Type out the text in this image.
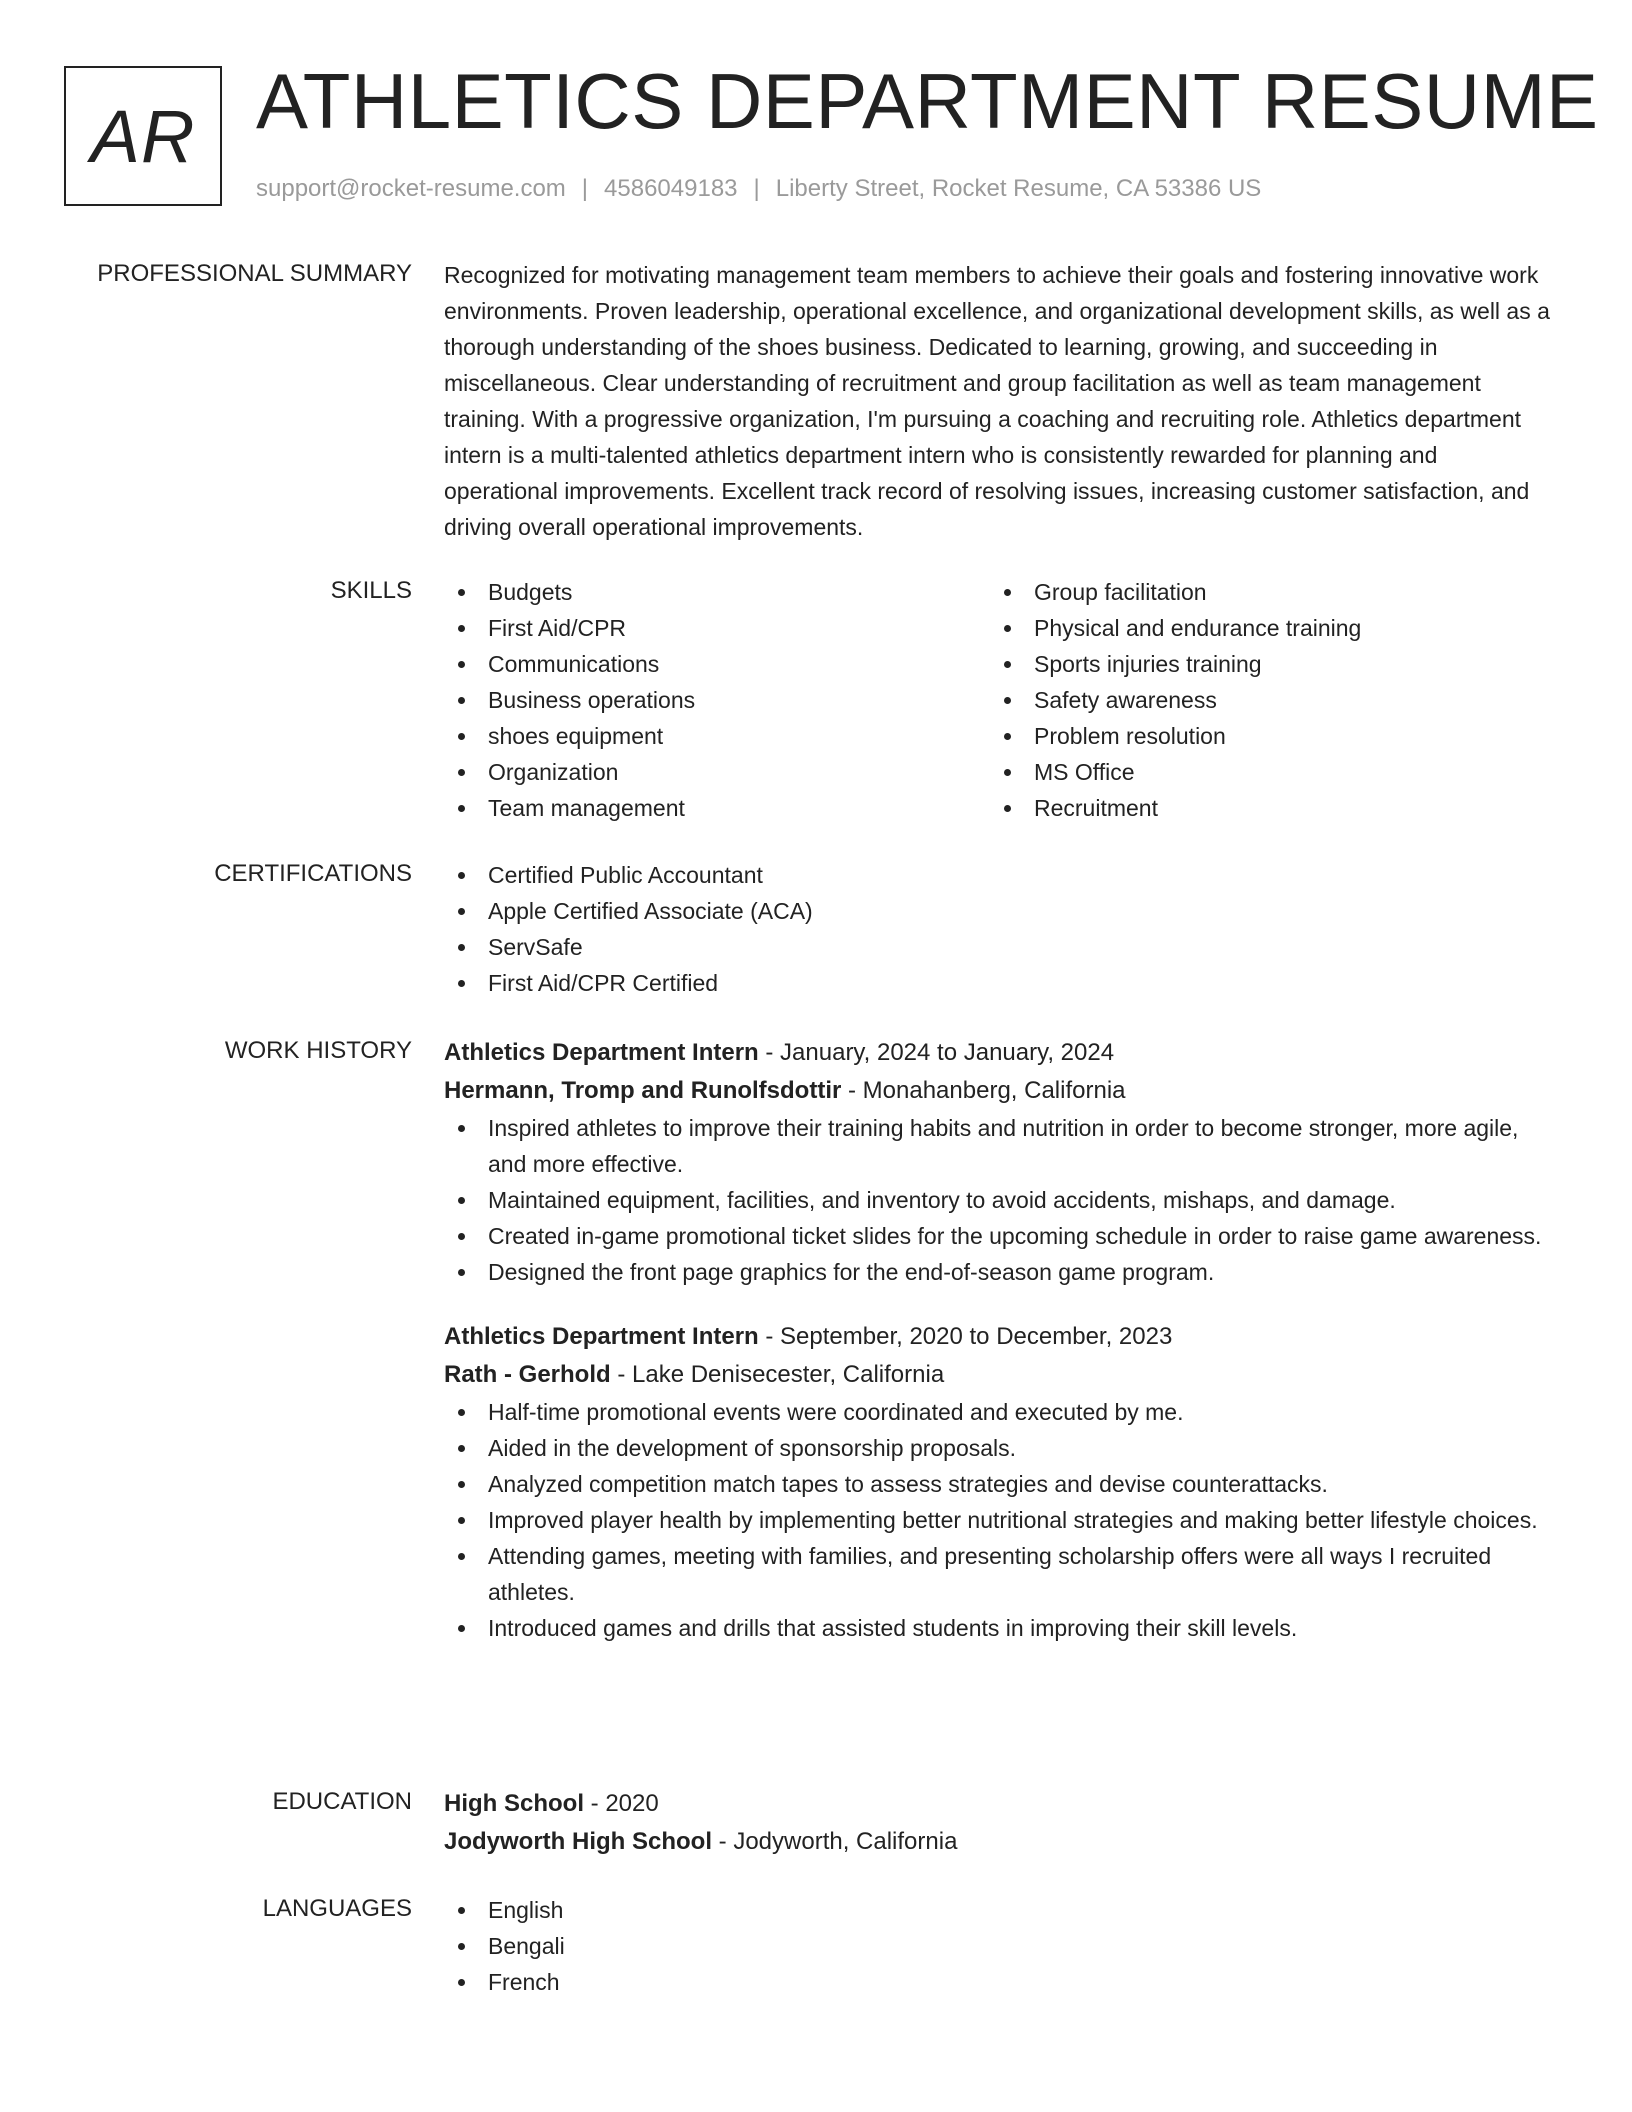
AR ATHLETICS DEPARTMENT RESUME
support@rocket-resume.com | 4586049183 | Liberty Street, Rocket Resume, CA 53386 US
PROFESSIONAL SUMMARY Recognized for motivating management team members to achieve their goals and fostering innovative work environments. Proven leadership, operational excellence, and organizational development skills, as well as a thorough understanding of the shoes business. Dedicated to learning, growing, and succeeding in miscellaneous. Clear understanding of recruitment and group facilitation as well as team management training. With a progressive organization, I'm pursuing a coaching and recruiting role. Athletics department intern is a multi-talented athletics department intern who is consistently rewarded for planning and operational improvements. Excellent track record of resolving issues, increasing customer satisfaction, and driving overall operational improvements.

SKILLS	Budgets
First Aid/CPR
Communications
Business operations
shoes equipment
Organization
Team management
Group facilitation
Physical and endurance training
Sports injuries training
Safety awareness
Problem resolution
MS Office
Recruitment
CERTIFICATIONS	Certified Public Accountant
Apple Certified Associate (ACA)
ServSafe
First Aid/CPR Certified
WORK HISTORY Athletics Department Intern - January, 2024 to January, 2024
Hermann, Tromp and Runolfsdottir - Monahanberg, California
Inspired athletes to improve their training habits and nutrition in order to become stronger, more agile, and more effective.
Maintained equipment, facilities, and inventory to avoid accidents, mishaps, and damage.
Created in-game promotional ticket slides for the upcoming schedule in order to raise game awareness.
Designed the front page graphics for the end-of-season game program.
Athletics Department Intern - September, 2020 to December, 2023
Rath - Gerhold - Lake Denisecester, California
Half-time promotional events were coordinated and executed by me.
Aided in the development of sponsorship proposals.
Analyzed competition match tapes to assess strategies and devise counterattacks.
Improved player health by implementing better nutritional strategies and making better lifestyle choices.
Attending games, meeting with families, and presenting scholarship offers were all ways I recruited athletes.
Introduced games and drills that assisted students in improving their skill levels.
EDUCATION High School - 2020
Jodyworth High School - Jodyworth, California
LANGUAGES	English
Bengali
French
